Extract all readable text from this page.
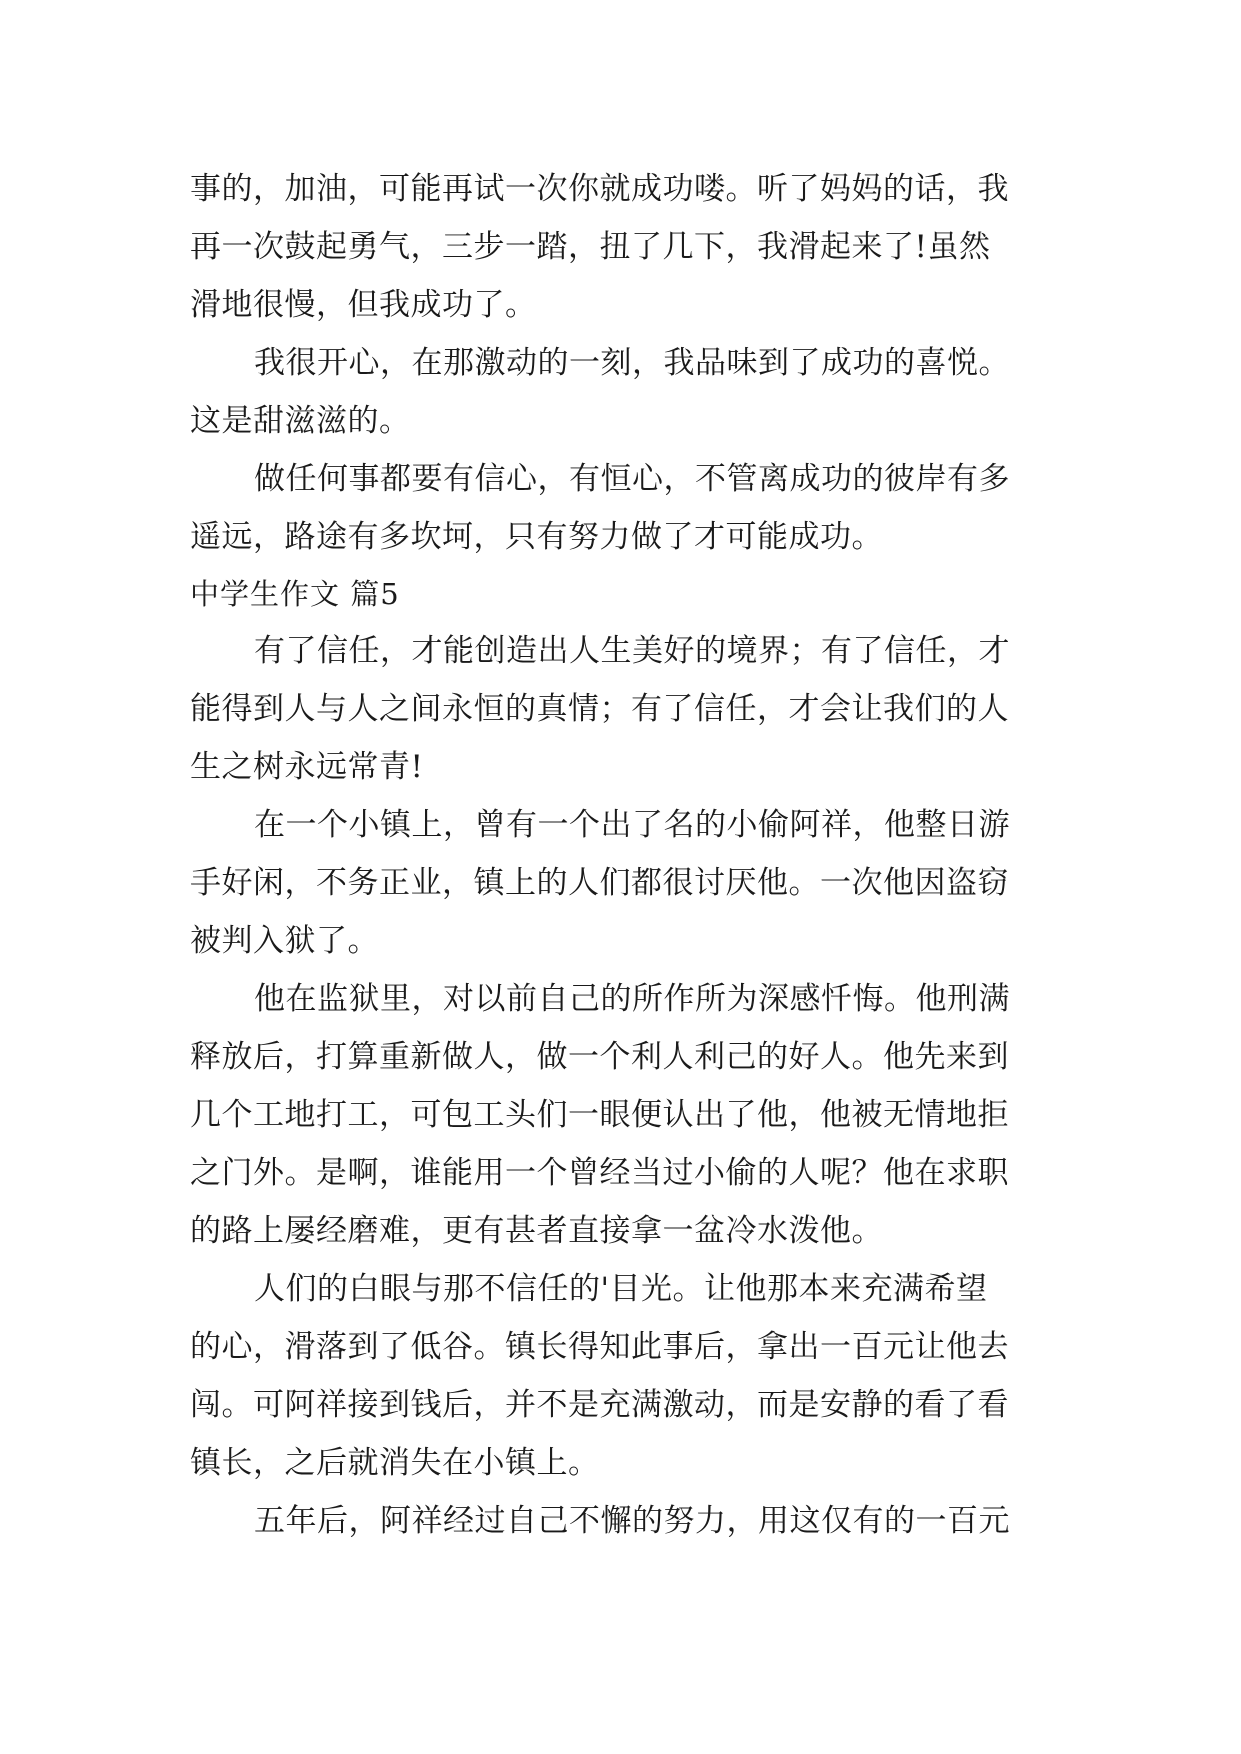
事的，加油，可能再试一次你就成功喽。听了妈妈的话，我
再一次鼓起勇气，三步一踏，扭了几下，我滑起来了!虽然
滑地很慢，但我成功了。
我很开心，在那激动的一刻，我品味到了成功的喜悦。
这是甜滋滋的。
做任何事都要有信心，有恒心，不管离成功的彼岸有多
遥远，路途有多坎坷，只有努力做了才可能成功。
中学生作文 篇5
有了信任，才能创造出人生美好的境界；有了信任，才
能得到人与人之间永恒的真情；有了信任，才会让我们的人
生之树永远常青!
在一个小镇上，曾有一个出了名的小偷阿祥，他整日游
手好闲，不务正业，镇上的人们都很讨厌他。一次他因盗窃
被判入狱了。
他在监狱里，对以前自己的所作所为深感忏悔。他刑满
释放后，打算重新做人，做一个利人利己的好人。他先来到
几个工地打工，可包工头们一眼便认出了他，他被无情地拒
之门外。是啊，谁能用一个曾经当过小偷的人呢？他在求职
的路上屡经磨难，更有甚者直接拿一盆冷水泼他。
人们的白眼与那不信任的'目光。让他那本来充满希望
的心，滑落到了低谷。镇长得知此事后，拿出一百元让他去
闯。可阿祥接到钱后，并不是充满激动，而是安静的看了看
镇长，之后就消失在小镇上。
五年后，阿祥经过自己不懈的努力，用这仅有的一百元
